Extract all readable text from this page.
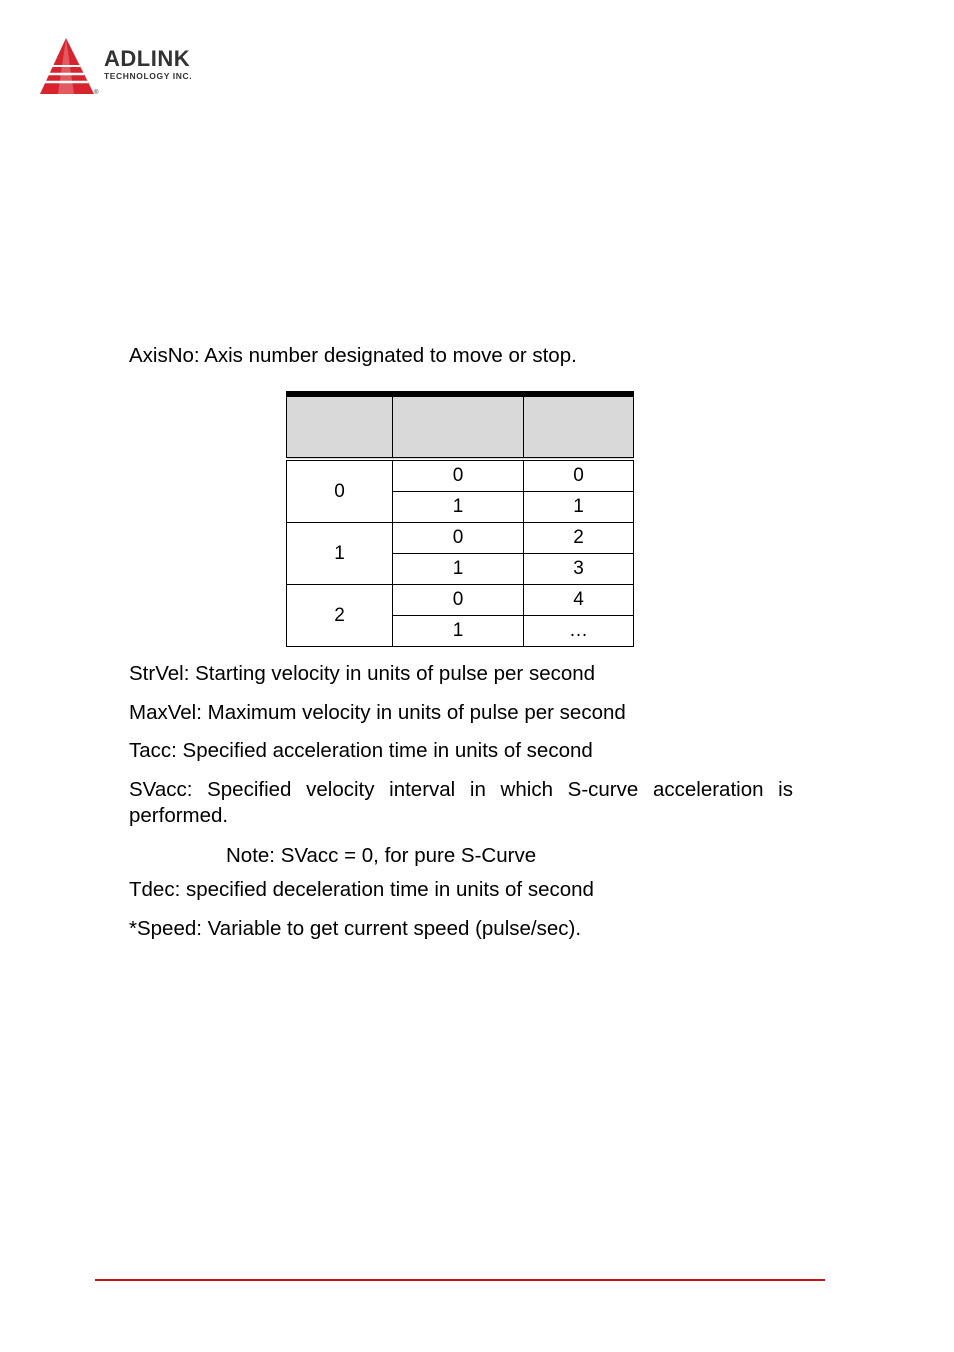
®
ADLINK
TECHNOLOGY INC.

AxisNo: Axis number designated to move or stop.

0	0	0
	1	1
1	0	2
	1	3
2	0	4
	1	…

StrVel: Starting velocity in units of pulse per second

MaxVel: Maximum velocity in units of pulse per second

Tacc: Specified acceleration time in units of second

SVacc: Specified velocity interval in which S-curve acceleration is performed.

Note: SVacc = 0, for pure S-Curve

Tdec: specified deceleration time in units of second

*Speed: Variable to get current speed (pulse/sec).
